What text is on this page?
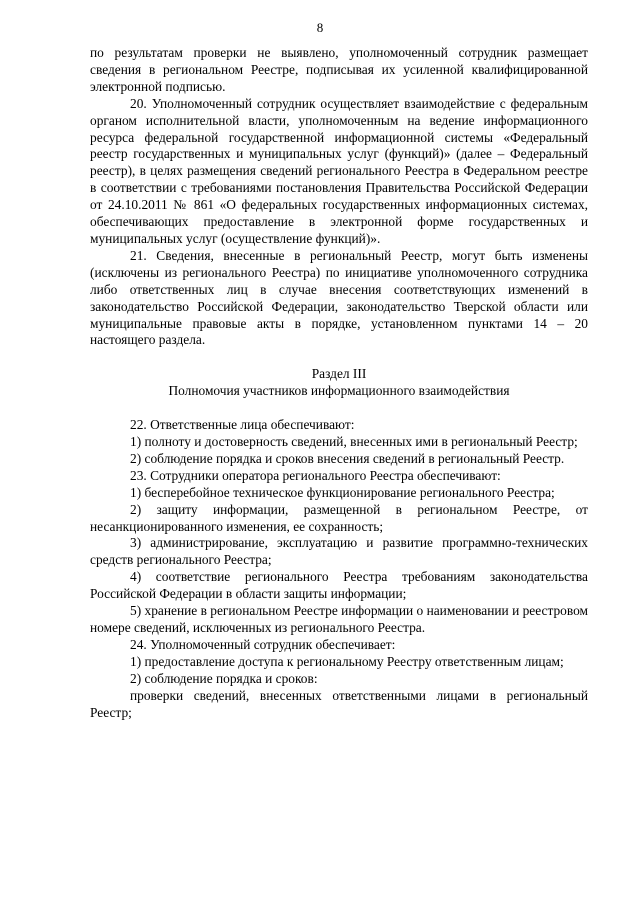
8

по результатам проверки не выявлено, уполномоченный сотрудник размещает сведения в региональном Реестре, подписывая их усиленной квалифицированной электронной подписью.

20. Уполномоченный сотрудник осуществляет взаимодействие с федеральным органом исполнительной власти, уполномоченным на ведение информационного ресурса федеральной государственной информационной системы «Федеральный реестр государственных и муниципальных услуг (функций)» (далее – Федеральный реестр), в целях размещения сведений регионального Реестра в Федеральном реестре в соответствии с требованиями постановления Правительства Российской Федерации от 24.10.2011 № 861 «О федеральных государственных информационных системах, обеспечивающих предоставление в электронной форме государственных и муниципальных услуг (осуществление функций)».

21. Сведения, внесенные в региональный Реестр, могут быть изменены (исключены из регионального Реестра) по инициативе уполномоченного сотрудника либо ответственных лиц в случае внесения соответствующих изменений в законодательство Российской Федерации, законодательство Тверской области или муниципальные правовые акты в порядке, установленном пунктами 14 – 20 настоящего раздела.

Раздел III

Полномочия участников информационного взаимодействия

22. Ответственные лица обеспечивают:

1) полноту и достоверность сведений, внесенных ими в региональный Реестр;

2) соблюдение порядка и сроков внесения сведений в региональный Реестр.

23. Сотрудники оператора регионального Реестра обеспечивают:

1) бесперебойное техническое функционирование регионального Реестра;

2) защиту информации, размещенной в региональном Реестре, от несанкционированного изменения, ее сохранность;

3) администрирование, эксплуатацию и развитие программно-технических средств регионального Реестра;

4) соответствие регионального Реестра требованиям законодательства Российской Федерации в области защиты информации;

5) хранение в региональном Реестре информации о наименовании и реестровом номере сведений, исключенных из регионального Реестра.

24. Уполномоченный сотрудник обеспечивает:

1) предоставление доступа к региональному Реестру ответственным лицам;

2) соблюдение порядка и сроков:

проверки сведений, внесенных ответственными лицами в региональный Реестр;
